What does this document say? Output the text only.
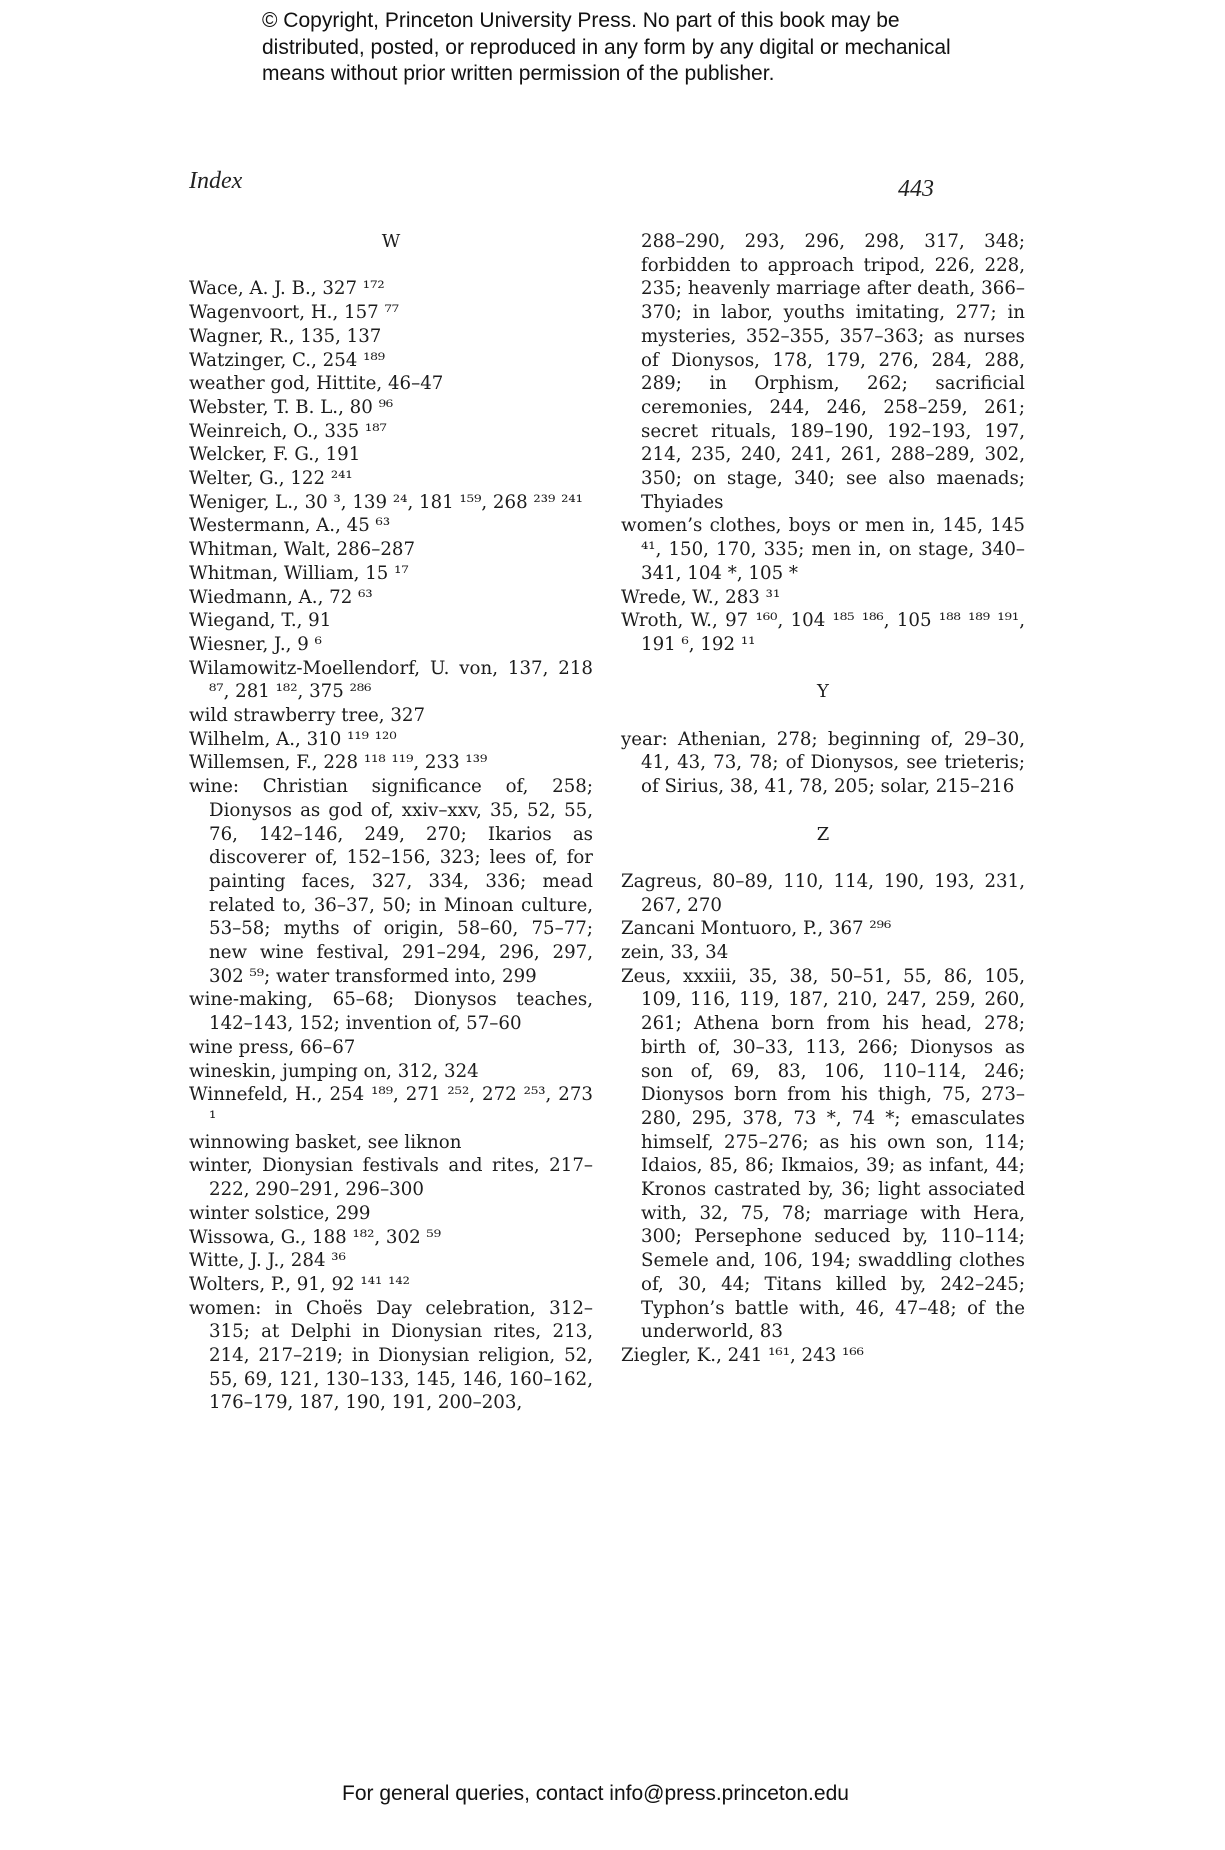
© Copyright, Princeton University Press. No part of this book may be
distributed, posted, or reproduced in any form by any digital or mechanical
means without prior written permission of the publisher.
Index	443
W
Wace, A. J. B., 327 ¹⁷²
Wagenvoort, H., 157 ⁷⁷
Wagner, R., 135, 137
Watzinger, C., 254 ¹⁸⁹
weather god, Hittite, 46–47
Webster, T. B. L., 80 ⁹⁶
Weinreich, O., 335 ¹⁸⁷
Welcker, F. G., 191
Welter, G., 122 ²⁴¹
Weniger, L., 30 ³, 139 ²⁴, 181 ¹⁵⁹, 268 ²³⁹ ²⁴¹
Westermann, A., 45 ⁶³
Whitman, Walt, 286–287
Whitman, William, 15 ¹⁷
Wiedmann, A., 72 ⁶³
Wiegand, T., 91
Wiesner, J., 9 ⁶
Wilamowitz-Moellendorf, U. von, 137, 218 ⁸⁷, 281 ¹⁸², 375 ²⁸⁶
wild strawberry tree, 327
Wilhelm, A., 310 ¹¹⁹ ¹²⁰
Willemsen, F., 228 ¹¹⁸ ¹¹⁹, 233 ¹³⁹
wine: Christian significance of, 258; Dionysos as god of, xxiv–xxv, 35, 52, 55, 76, 142–146, 249, 270; Ikarios as discoverer of, 152–156, 323; lees of, for painting faces, 327, 334, 336; mead related to, 36–37, 50; in Minoan culture, 53–58; myths of origin, 58–60, 75–77; new wine festival, 291–294, 296, 297, 302 ⁵⁹; water transformed into, 299
wine-making, 65–68; Dionysos teaches, 142–143, 152; invention of, 57–60
wine press, 66–67
wineskin, jumping on, 312, 324
Winnefeld, H., 254 ¹⁸⁹, 271 ²⁵², 272 ²⁵³, 273 ¹
winnowing basket, see liknon
winter, Dionysian festivals and rites, 217–222, 290–291, 296–300
winter solstice, 299
Wissowa, G., 188 ¹⁸², 302 ⁵⁹
Witte, J. J., 284 ³⁶
Wolters, P., 91, 92 ¹⁴¹ ¹⁴²
women: in Choës Day celebration, 312–315; at Delphi in Dionysian rites, 213, 214, 217–219; in Dionysian religion, 52, 55, 69, 121, 130–133, 145, 146, 160–162, 176–179, 187, 190, 191, 200–203,
288–290, 293, 296, 298, 317, 348; forbidden to approach tripod, 226, 228, 235; heavenly marriage after death, 366–370; in labor, youths imitating, 277; in mysteries, 352–355, 357–363; as nurses of Dionysos, 178, 179, 276, 284, 288, 289; in Orphism, 262; sacrificial ceremonies, 244, 246, 258–259, 261; secret rituals, 189–190, 192–193, 197, 214, 235, 240, 241, 261, 288–289, 302, 350; on stage, 340; see also maenads; Thyiades
women’s clothes, boys or men in, 145, 145 ⁴¹, 150, 170, 335; men in, on stage, 340–341, 104 *, 105 *
Wrede, W., 283 ³¹
Wroth, W., 97 ¹⁶⁰, 104 ¹⁸⁵ ¹⁸⁶, 105 ¹⁸⁸ ¹⁸⁹ ¹⁹¹, 191 ⁶, 192 ¹¹
Y
year: Athenian, 278; beginning of, 29–30, 41, 43, 73, 78; of Dionysos, see trieteris; of Sirius, 38, 41, 78, 205; solar, 215–216
Z
Zagreus, 80–89, 110, 114, 190, 193, 231, 267, 270
Zancani Montuoro, P., 367 ²⁹⁶
zein, 33, 34
Zeus, xxxiii, 35, 38, 50–51, 55, 86, 105, 109, 116, 119, 187, 210, 247, 259, 260, 261; Athena born from his head, 278; birth of, 30–33, 113, 266; Dionysos as son of, 69, 83, 106, 110–114, 246; Dionysos born from his thigh, 75, 273–280, 295, 378, 73 *, 74 *; emasculates himself, 275–276; as his own son, 114; Idaios, 85, 86; Ikmaios, 39; as infant, 44; Kronos castrated by, 36; light associated with, 32, 75, 78; marriage with Hera, 300; Persephone seduced by, 110–114; Semele and, 106, 194; swaddling clothes of, 30, 44; Titans killed by, 242–245; Typhon’s battle with, 46, 47–48; of the underworld, 83
Ziegler, K., 241 ¹⁶¹, 243 ¹⁶⁶
For general queries, contact info@press.princeton.edu
